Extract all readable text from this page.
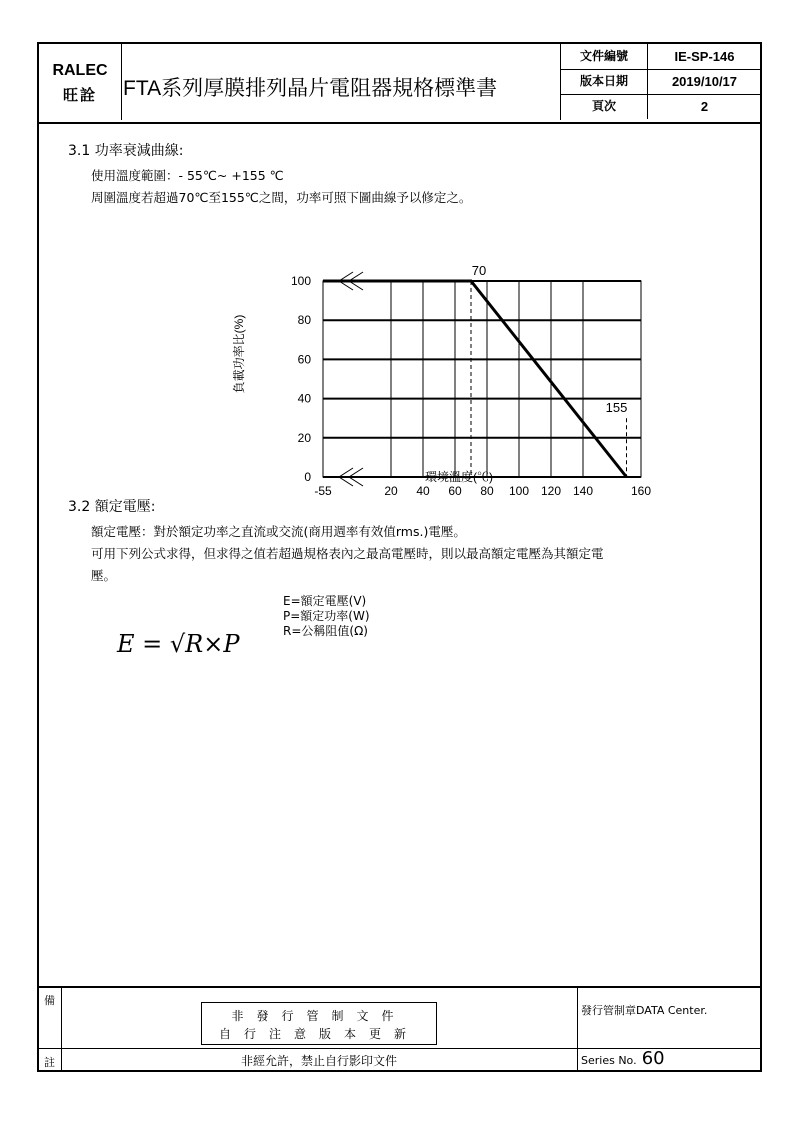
RALEC
旺詮	FTA系列厚膜排列晶片電阻器規格標準書
文件編號	IE-SP-146
版本日期	2019/10/17
頁次	2
3.1 功率衰減曲線:
使用溫度範圍：- 55℃~ +155 ℃
周圍溫度若超過70℃至155℃之間，功率可照下圖曲線予以修定之。
0
20
40
60
80
100
-55	20 40 60 80 100 120 140	160
負載功率比(%)
環境溫度(℃)
70
155
3.2 額定電壓:
額定電壓：對於額定功率之直流或交流(商用週率有效值rms.)電壓。
可用下列公式求得，但求得之值若超過規格表內之最高電壓時，則以最高額定電壓為其額定電
壓。
E = √R×P
E=額定電壓(V)
P=額定功率(W)
R=公稱阻值(Ω)
備
註
非發行管制文件
自行注意版本更新
非經允許，禁止自行影印文件
發行管制章DATA Center.
Series No. 60
